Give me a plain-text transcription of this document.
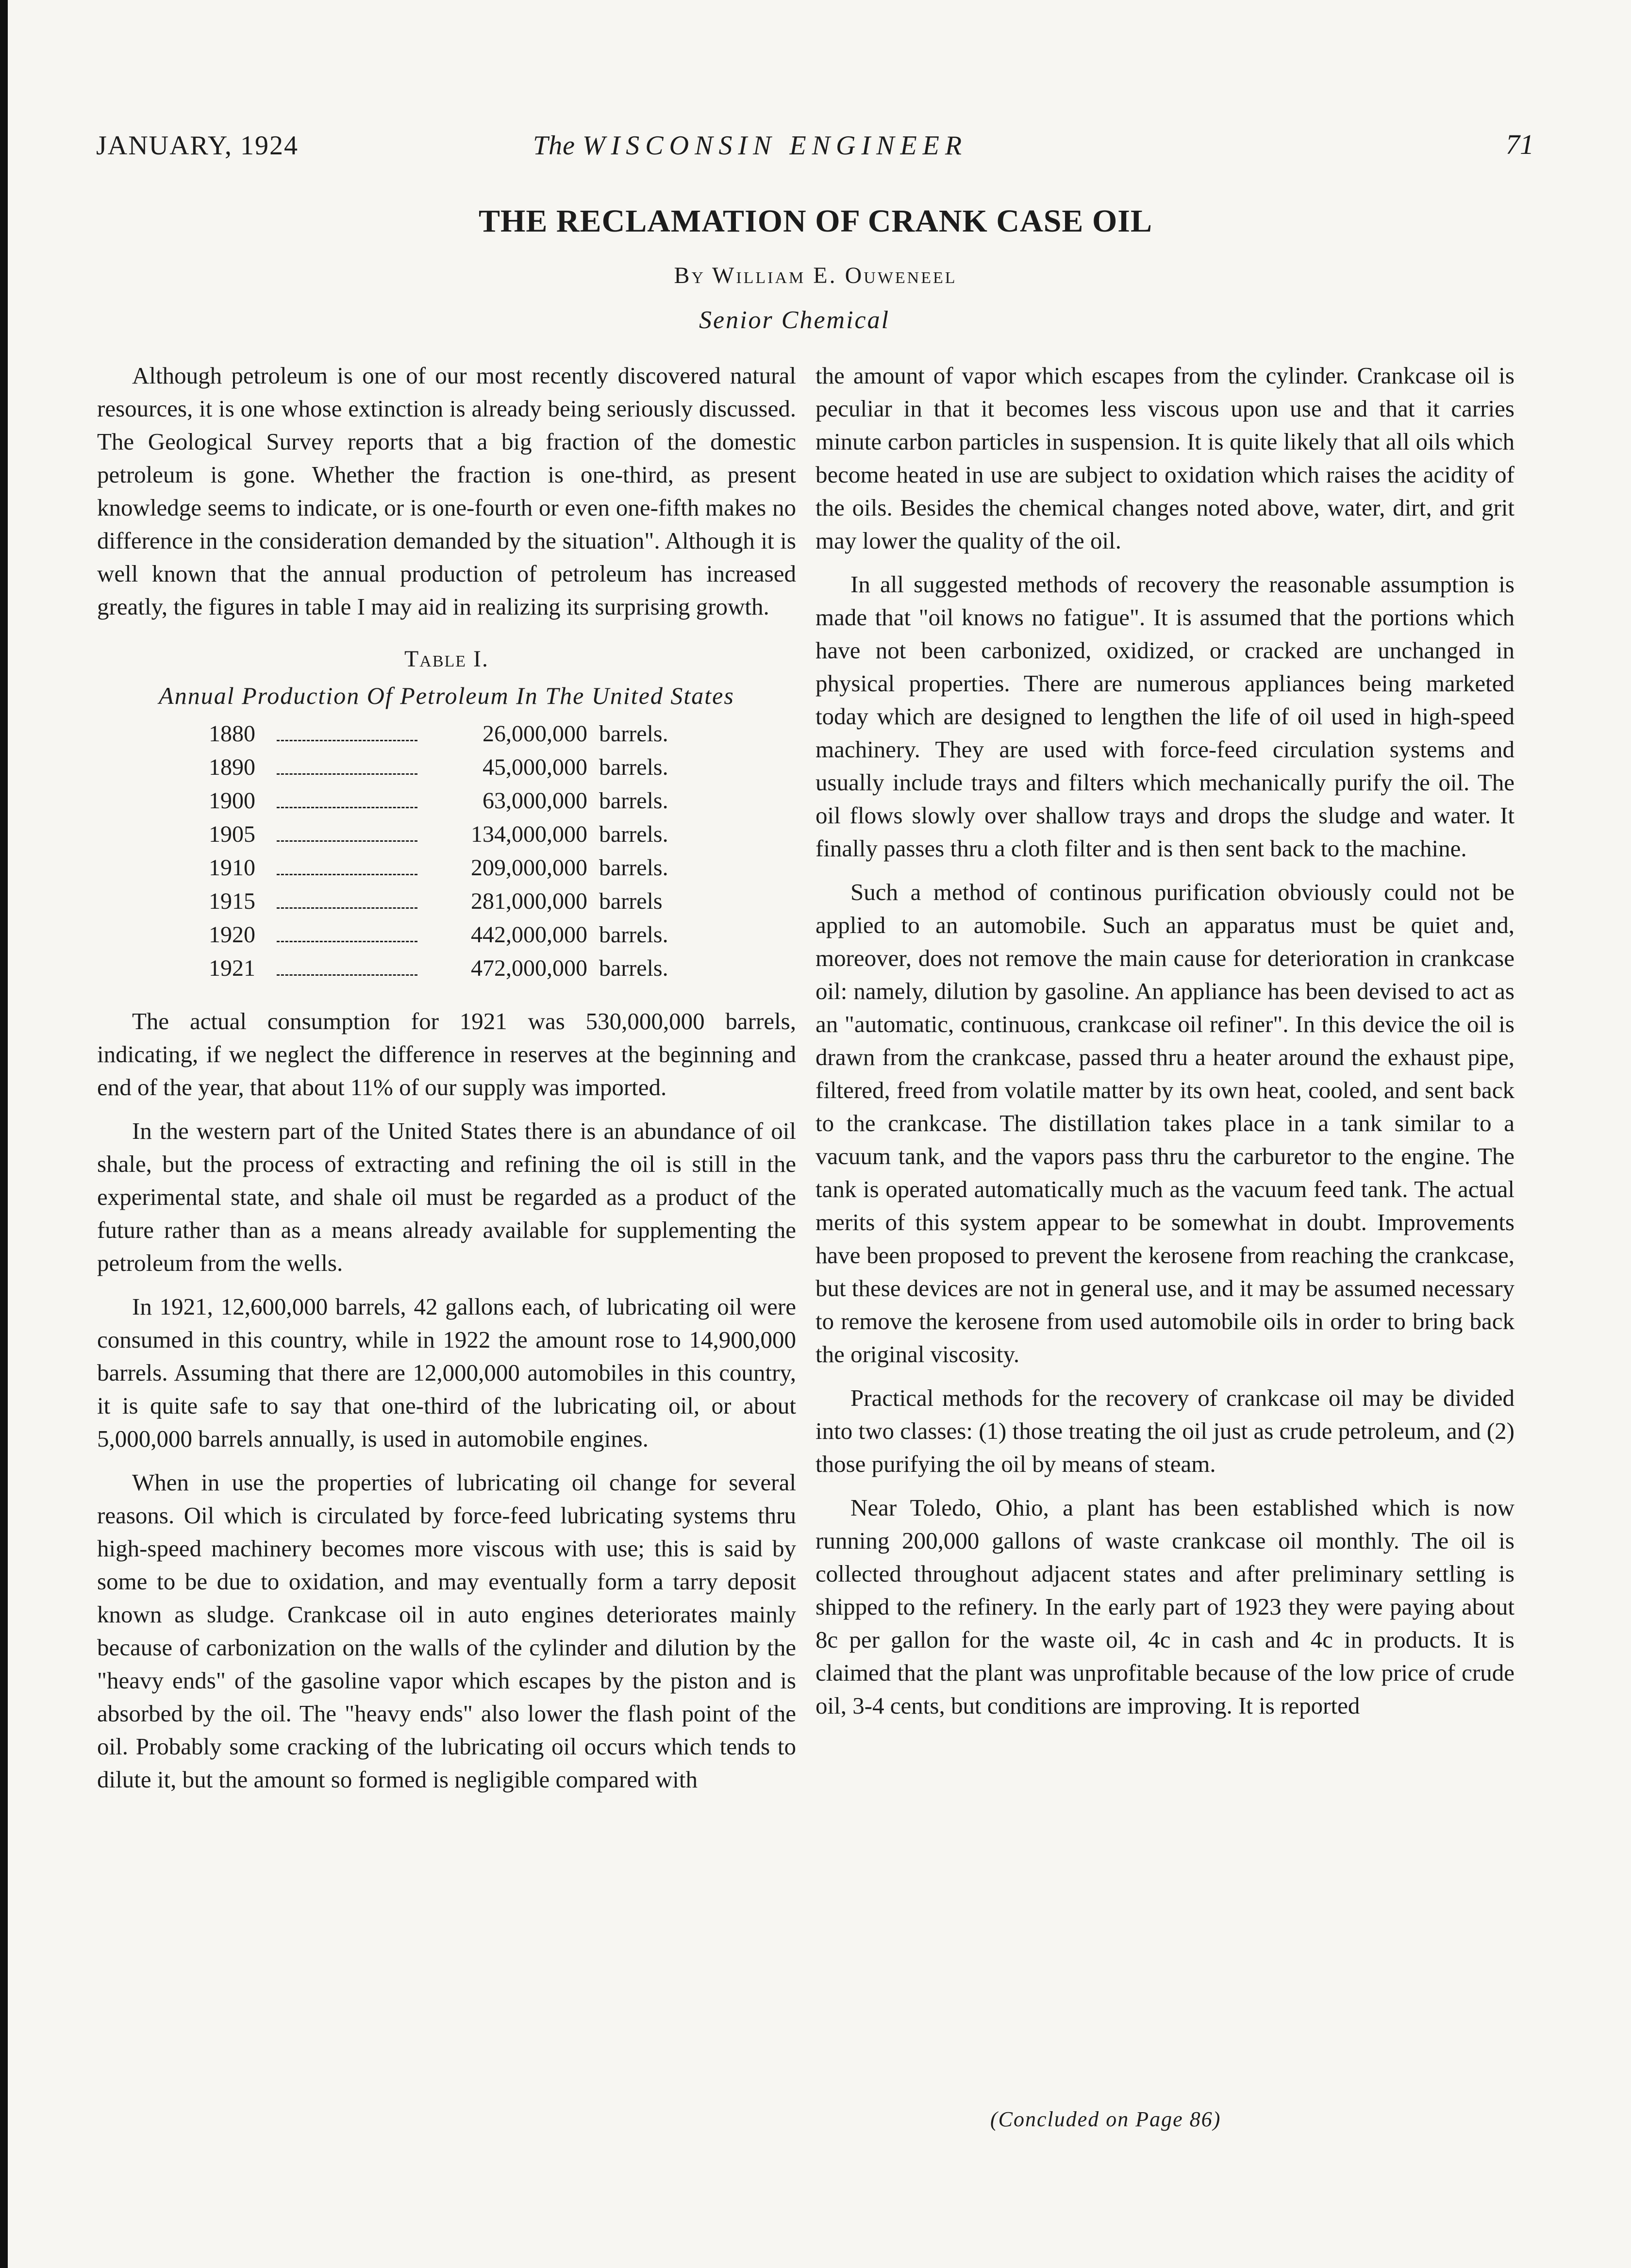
JANUARY, 1924	The WISCONSIN ENGINEER	71
THE RECLAMATION OF CRANK CASE OIL
By William E. Ouweneel
Senior Chemical

Although petroleum is one of our most recently discovered natural resources, it is one whose extinction is already being seriously discussed. The Geological Survey reports that a big fraction of the domestic petroleum is gone. Whether the fraction is one-third, as present knowledge seems to indicate, or is one-fourth or even one-fifth makes no difference in the consideration demanded by the situation". Although it is well known that the annual production of petroleum has increased greatly, the figures in table I may aid in realizing its surprising growth.

Table I.
Annual Production Of Petroleum In The United States
1880	26,000,000 barrels.
1890	45,000,000 barrels.
1900	63,000,000 barrels.
1905	134,000,000 barrels.
1910	209,000,000 barrels.
1915	281,000,000 barrels
1920	442,000,000 barrels.
1921	472,000,000 barrels.

The actual consumption for 1921 was 530,000,000 barrels, indicating, if we neglect the difference in reserves at the beginning and end of the year, that about 11% of our supply was imported.

In the western part of the United States there is an abundance of oil shale, but the process of extracting and refining the oil is still in the experimental state, and shale oil must be regarded as a product of the future rather than as a means already available for supplementing the petroleum from the wells.

In 1921, 12,600,000 barrels, 42 gallons each, of lubricating oil were consumed in this country, while in 1922 the amount rose to 14,900,000 barrels. Assuming that there are 12,000,000 automobiles in this country, it is quite safe to say that one-third of the lubricating oil, or about 5,000,000 barrels annually, is used in automobile engines.

When in use the properties of lubricating oil change for several reasons. Oil which is circulated by force-feed lubricating systems thru high-speed machinery becomes more viscous with use; this is said by some to be due to oxidation, and may eventually form a tarry deposit known as sludge. Crankcase oil in auto engines deteriorates mainly because of carbonization on the walls of the cylinder and dilution by the "heavy ends" of the gasoline vapor which escapes by the piston and is absorbed by the oil. The "heavy ends" also lower the flash point of the oil. Probably some cracking of the lubricating oil occurs which tends to dilute it, but the amount so formed is negligible compared with

the amount of vapor which escapes from the cylinder. Crankcase oil is peculiar in that it becomes less viscous upon use and that it carries minute carbon particles in suspension. It is quite likely that all oils which become heated in use are subject to oxidation which raises the acidity of the oils. Besides the chemical changes noted above, water, dirt, and grit may lower the quality of the oil.

In all suggested methods of recovery the reasonable assumption is made that "oil knows no fatigue". It is assumed that the portions which have not been carbonized, oxidized, or cracked are unchanged in physical properties. There are numerous appliances being marketed today which are designed to lengthen the life of oil used in high-speed machinery. They are used with force-feed circulation systems and usually include trays and filters which mechanically purify the oil. The oil flows slowly over shallow trays and drops the sludge and water. It finally passes thru a cloth filter and is then sent back to the machine.

Such a method of continous purification obviously could not be applied to an automobile. Such an apparatus must be quiet and, moreover, does not remove the main cause for deterioration in crankcase oil: namely, dilution by gasoline. An appliance has been devised to act as an "automatic, continuous, crankcase oil refiner". In this device the oil is drawn from the crankcase, passed thru a heater around the exhaust pipe, filtered, freed from volatile matter by its own heat, cooled, and sent back to the crankcase. The distillation takes place in a tank similar to a vacuum tank, and the vapors pass thru the carburetor to the engine. The tank is operated automatically much as the vacuum feed tank. The actual merits of this system appear to be somewhat in doubt. Improvements have been proposed to prevent the kerosene from reaching the crankcase, but these devices are not in general use, and it may be assumed necessary to remove the kerosene from used automobile oils in order to bring back the original viscosity.

Practical methods for the recovery of crankcase oil may be divided into two classes: (1) those treating the oil just as crude petroleum, and (2) those purifying the oil by means of steam.

Near Toledo, Ohio, a plant has been established which is now running 200,000 gallons of waste crankcase oil monthly. The oil is collected throughout adjacent states and after preliminary settling is shipped to the refinery. In the early part of 1923 they were paying about 8c per gallon for the waste oil, 4c in cash and 4c in products. It is claimed that the plant was unprofitable because of the low price of crude oil, 3-4 cents, but conditions are improving. It is reported

(Concluded on Page 86)
